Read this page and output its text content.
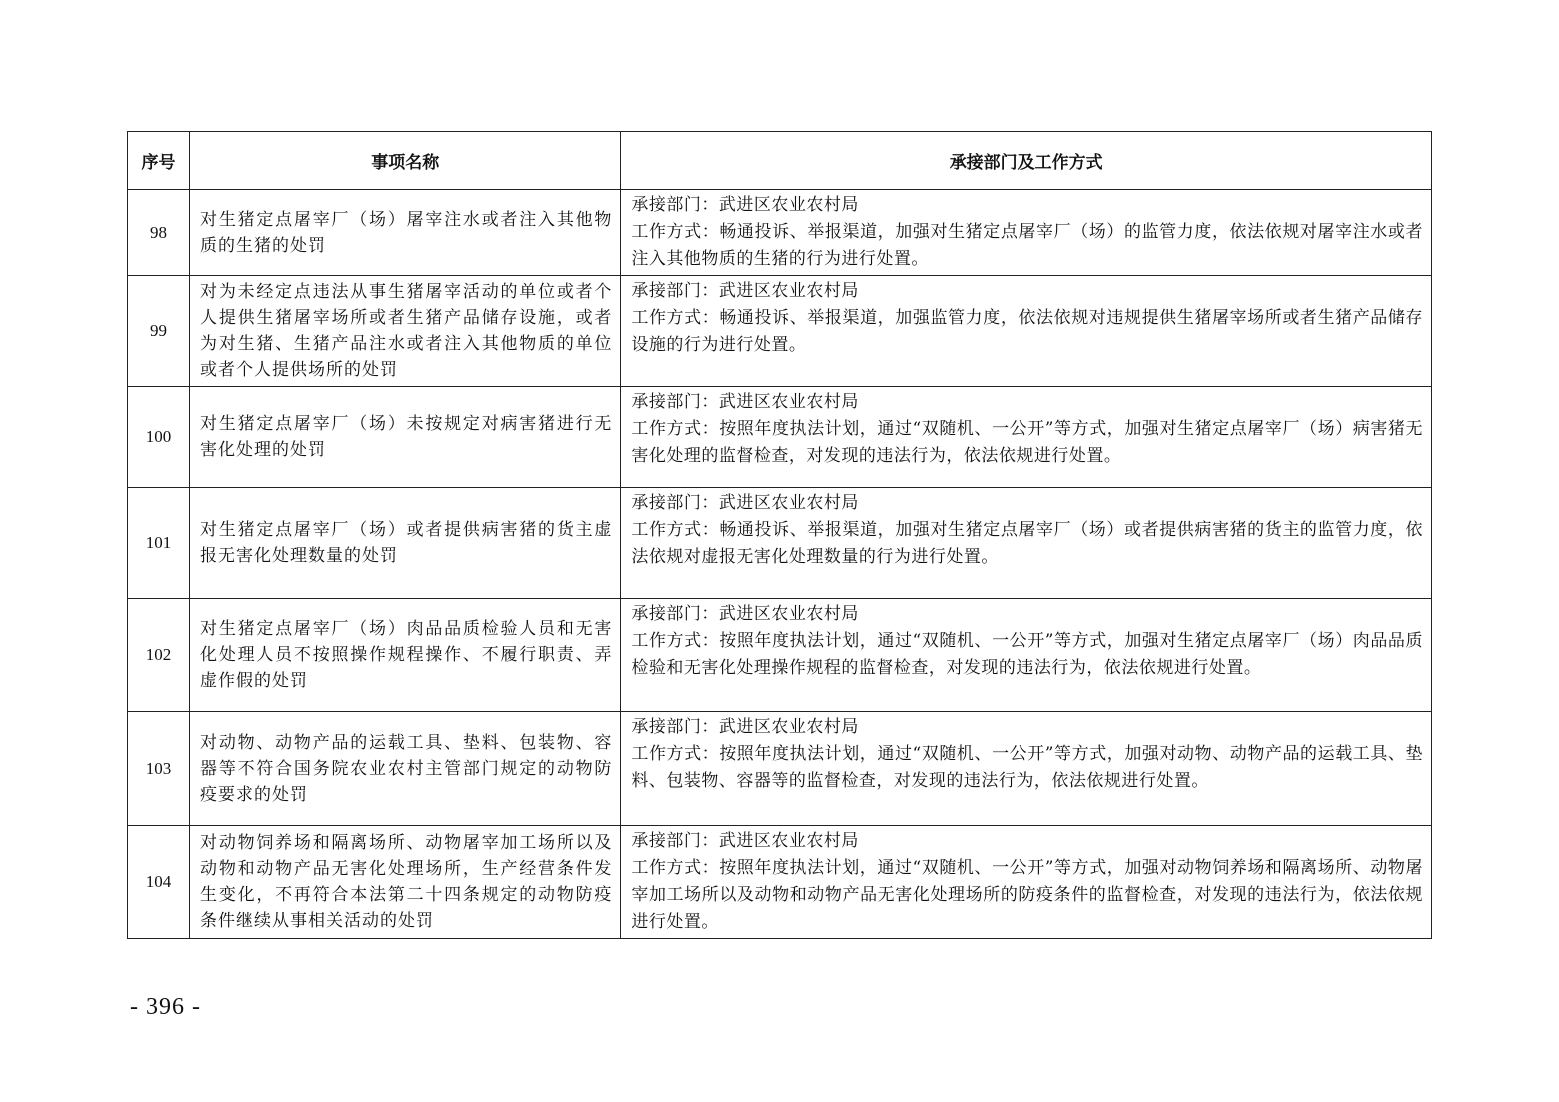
序号	事项名称	承接部门及工作方式
98	对生猪定点屠宰厂（场）屠宰注水或者注入其他物质的生猪的处罚	承接部门：武进区农业农村局
工作方式：畅通投诉、举报渠道，加强对生猪定点屠宰厂（场）的监管力度，依法依规对屠宰注水或者注入其他物质的生猪的行为进行处置。

99	对为未经定点违法从事生猪屠宰活动的单位或者个人提供生猪屠宰场所或者生猪产品储存设施，或者为对生猪、生猪产品注水或者注入其他物质的单位或者个人提供场所的处罚	承接部门：武进区农业农村局
工作方式：畅通投诉、举报渠道，加强监管力度，依法依规对违规提供生猪屠宰场所或者生猪产品储存设施的行为进行处置。

100	对生猪定点屠宰厂（场）未按规定对病害猪进行无害化处理的处罚	承接部门：武进区农业农村局
工作方式：按照年度执法计划，通过“双随机、一公开”等方式，加强对生猪定点屠宰厂（场）病害猪无害化处理的监督检查，对发现的违法行为，依法依规进行处置。

101	对生猪定点屠宰厂（场）或者提供病害猪的货主虚报无害化处理数量的处罚	承接部门：武进区农业农村局
工作方式：畅通投诉、举报渠道，加强对生猪定点屠宰厂（场）或者提供病害猪的货主的监管力度，依法依规对虚报无害化处理数量的行为进行处置。

102	对生猪定点屠宰厂（场）肉品品质检验人员和无害化处理人员不按照操作规程操作、不履行职责、弄虚作假的处罚	承接部门：武进区农业农村局
工作方式：按照年度执法计划，通过“双随机、一公开”等方式，加强对生猪定点屠宰厂（场）肉品品质检验和无害化处理操作规程的监督检查，对发现的违法行为，依法依规进行处置。

103	对动物、动物产品的运载工具、垫料、包装物、容器等不符合国务院农业农村主管部门规定的动物防疫要求的处罚	承接部门：武进区农业农村局
工作方式：按照年度执法计划，通过“双随机、一公开”等方式，加强对动物、动物产品的运载工具、垫料、包装物、容器等的监督检查，对发现的违法行为，依法依规进行处置。

104	对动物饲养场和隔离场所、动物屠宰加工场所以及动物和动物产品无害化处理场所，生产经营条件发生变化，不再符合本法第二十四条规定的动物防疫条件继续从事相关活动的处罚	承接部门：武进区农业农村局
工作方式：按照年度执法计划，通过“双随机、一公开”等方式，加强对动物饲养场和隔离场所、动物屠宰加工场所以及动物和动物产品无害化处理场所的防疫条件的监督检查，对发现的违法行为，依法依规进行处置。
- 396 -
